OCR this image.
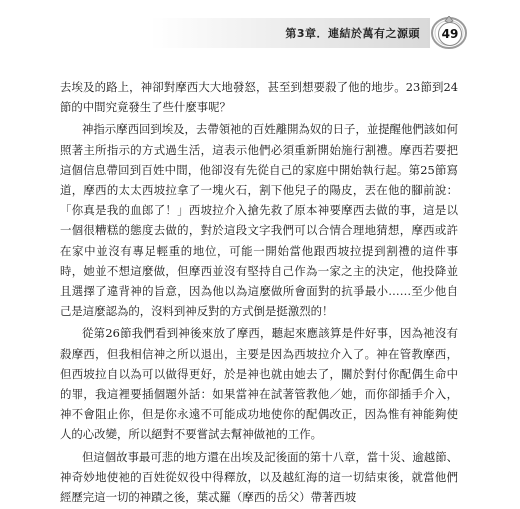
第3章．連結於萬有之源頭	49

去埃及的路上，神卻對摩西大大地發怒，甚至到想要殺了他的地步。23節到24節的中間究竟發生了些什麼事呢？

神指示摩西回到埃及，去帶領祂的百姓離開為奴的日子，並提醒他們該如何照著主所指示的方式過生活，這表示他們必須重新開始施行割禮。摩西若要把這個信息帶回到百姓中間，他卻沒有先從自己的家庭中開始執行起。第25節寫道，摩西的太太西坡拉拿了一塊火石，割下他兒子的陽皮，丟在他的腳前說：「你真是我的血郎了！」西坡拉介入搶先救了原本神要摩西去做的事，這是以一個很糟糕的態度去做的，對於這段文字我們可以合情合理地猜想，摩西或許在家中並沒有專足輕重的地位，可能一開始當他跟西坡拉提到割禮的這件事時，她並不想這麼做，但摩西並沒有堅持自己作為一家之主的決定，他投降並且選擇了違背神的旨意，因為他以為這麼做所會面對的抗爭最小……至少他自己是這麼認為的，沒料到神反對的方式倒是挺激烈的！

從第26節我們看到神後來放了摩西，聽起來應該算是件好事，因為祂沒有殺摩西，但我相信神之所以退出，主要是因為西坡拉介入了。神在管教摩西，但西坡拉自以為可以做得更好，於是神也就由她去了，關於對付你配偶生命中的罪，我這裡要插個題外話：如果當神在試著管教他／她，而你卻插手介入，神不會阻止你，但是你永遠不可能成功地使你的配偶改正，因為惟有神能夠使人的心改變，所以絕對不要嘗試去幫神做祂的工作。

但這個故事最可悲的地方還在出埃及記後面的第十八章，當十災、逾越節、神奇妙地使祂的百姓從奴役中得釋放，以及越紅海的這一切結束後，就當他們經歷完這一切的神蹟之後，葉忒羅（摩西的岳父）帶著西坡
